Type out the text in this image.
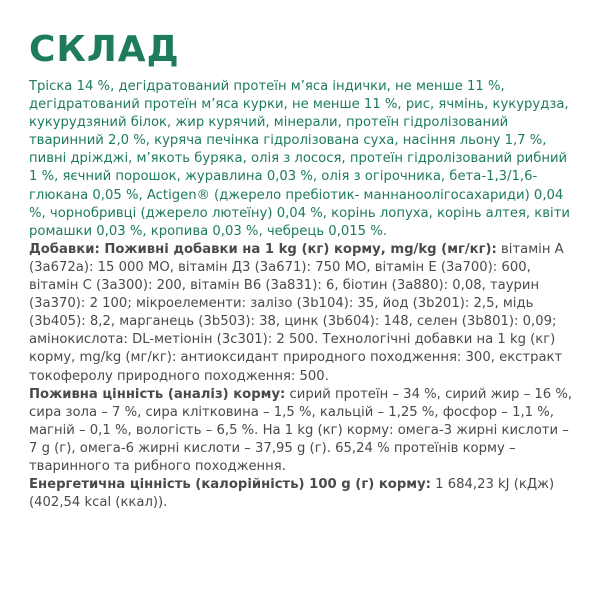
СКЛАД

Тріска 14 %, дегідратований протеїн м’яса індички, не менше 11 %, дегідратований протеїн м’яса курки, не менше 11 %, рис, ячмінь, кукурудза, кукурудзяний білок, жир курячий, мінерали, протеїн гідролізований тваринний 2,0 %, куряча печінка гідролізована суха, насіння льону 1,7 %, пивні дріжджі, м’якоть буряка, олія з лосося, протеїн гідролізований рибний 1 %, яєчний порошок, журавлина 0,03 %, олія з огірочника, бета-1,3/1,6-глюкана 0,05 %, Actigen® (джерело пребіотик- маннаноолігосахариди) 0,04 %, чорнобривці (джерело лютеїну) 0,04 %, корінь лопуха, корінь алтея, квіти ромашки 0,03 %, кропива 0,03 %, чебрець 0,015 %.

Добавки: Поживні добавки на 1 kg (кг) корму, mg/kg (мг/кг): вітамін А (3а672а): 15 000 МО, вітамін Д3 (3а671): 750 МО, вітамін Е (3а700): 600, вітамін С (3а300): 200, вітамін В6 (3а831): 6, біотин (3а880): 0,08, таурин (3а370): 2 100; мікроелементи: залізо (3b104): 35, йод (3b201): 2,5, мідь (3b405): 8,2, марганець (3b503): 38, цинк (3b604): 148, селен (3b801): 0,09; амінокислота: DL-метіонін (3с301): 2 500. Технологічні добавки на 1 kg (кг) корму, mg/kg (мг/кг): антиоксидант природного походження: 300, екстракт токоферолу природного походження: 500.

Поживна цінність (аналіз) корму: сирий протеїн – 34 %, сирий жир – 16 %, сира зола – 7 %, сира клітковина – 1,5 %, кальцій – 1,25 %, фосфор – 1,1 %, магній – 0,1 %, вологість – 6,5 %. На 1 kg (кг) корму: омега-3 жирні кислоти – 7 g (г), омега-6 жирні кислоти – 37,95 g (г). 65,24 % протеїнів корму – тваринного та рибного походження.

Енергетична цінність (калорійність) 100 g (г) корму: 1 684,23 kJ (кДж) (402,54 kcal (ккал)).
